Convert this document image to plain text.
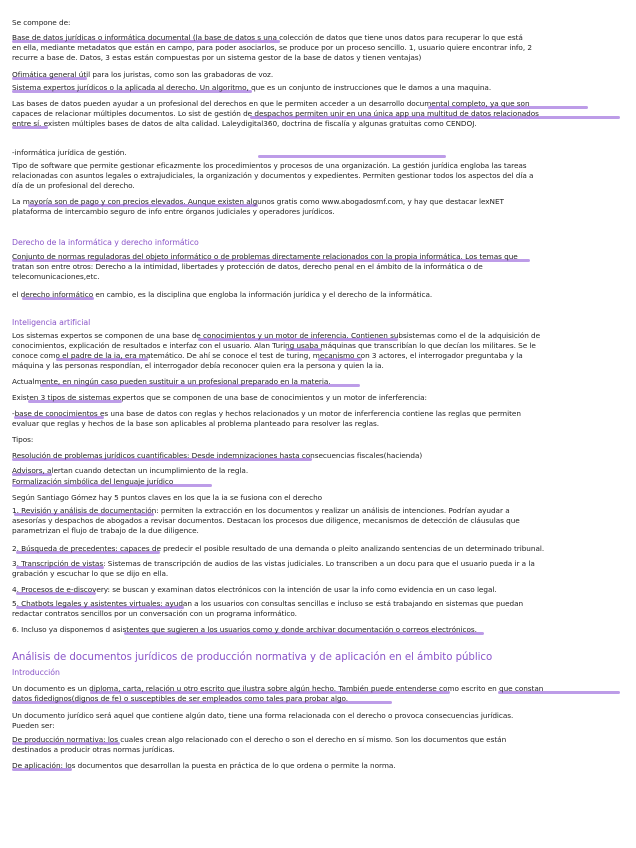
Se compone de:
Base de datos jurídicas o informática documental (la base de datos s una colección de datos que tiene unos datos para recuperar lo que está
en ella, mediante metadatos que están en campo, para poder asociarlos, se produce por un proceso sencillo. 1, usuario quiere encontrar info, 2
recurre a base de. Datos, 3 estas están compuestas por un sistema gestor de la base de datos y tienen ventajas)
Ofimática general útil para los juristas, como son las grabadoras de voz.
Sistema expertos jurídicos o la aplicada al derecho. Un algoritmo, que es un conjunto de instrucciones que le damos a una maquina.
Las bases de datos pueden ayudar a un profesional del derechos en que le permiten acceder a un desarrollo documental completo, ya que son
capaces de relacionar múltiples documentos. Lo sist de gestión de despachos permiten unir en una única app una multitud de datos relacionados
entre sí. existen múltiples bases de datos de alta calidad. Laleydigital360, doctrina de fiscalía y algunas gratuitas como CENDOJ.
-informática jurídica de gestión.
Tipo de software que permite gestionar eficazmente los procedimientos y procesos de una organización. La gestión jurídica engloba las tareas
relacionadas con asuntos legales o extrajudiciales, la organización y documentos y expedientes. Permiten gestionar todos los aspectos del día a
día de un profesional del derecho.
La mayoría son de pago y con precios elevados. Aunque existen algunos gratis como www.abogadosmf.com, y hay que destacar lexNET
plataforma de intercambio seguro de info entre órganos judiciales y operadores jurídicos.
Derecho de la informática y derecho informático
Conjunto de normas reguladoras del objeto informático o de problemas directamente relacionados con la propia informática. Los temas que
tratan son entre otros: Derecho a la intimidad, libertades y protección de datos, derecho penal en el ámbito de la informática o de
telecomunicaciones,etc.
el derecho informático en cambio, es la disciplina que engloba la información jurídica y el derecho de la informática.
Inteligencia artificial
Los sistemas expertos se componen de una base de conocimientos y un motor de inferencia. Contienen subsistemas como el de la adquisición de
conocimientos, explicación de resultados e interfaz con el usuario. Alan Turing usaba máquinas que transcribían lo que decían los militares. Se le
conoce como el padre de la ia, era matemático. De ahí se conoce el test de turing, mecanismo con 3 actores, el interrogador preguntaba y la
máquina y las personas respondían, el interrogador debía reconocer quien era la persona y quien la ia.
Actualmente, en ningún caso pueden sustituir a un profesional preparado en la materia.
Existen 3 tipos de sistemas expertos que se componen de una base de conocimientos y un motor de inferferencia:
-base de conocimientos es una base de datos con reglas y hechos relacionados y un motor de inferferencia contiene las reglas que permiten
evaluar que reglas y hechos de la base son aplicables al problema planteado para resolver las reglas.
Tipos:
Resolución de problemas jurídicos cuantificables: Desde indemnizaciones hasta consecuencias fiscales(hacienda)
Advisors, alertan cuando detectan un incumplimiento de la regla.
Formalización simbólica del lenguaje jurídico
Según Santiago Gómez hay 5 puntos claves en los que la ia se fusiona con el derecho
1. Revisión y análisis de documentación: permiten la extracción en los documentos y realizar un análisis de intenciones. Podrían ayudar a
asesorías y despachos de abogados a revisar documentos. Destacan los procesos due diligence, mecanismos de detección de cláusulas que
parametrizan el flujo de trabajo de la due diligence.
2. Búsqueda de precedentes: capaces de predecir el posible resultado de una demanda o pleito analizando sentencias de un determinado tribunal.
3. Transcripción de vistas: Sistemas de transcripción de audios de las vistas judiciales. Lo transcriben a un docu para que el usuario pueda ir a la
grabación y escuchar lo que se dijo en ella.
4. Procesos de e-discovery: se buscan y examinan datos electrónicos con la intención de usar la info como evidencia en un caso legal.
5. Chatbots legales y asistentes virtuales: ayudan a los usuarios con consultas sencillas e incluso se está trabajando en sistemas que puedan
redactar contratos sencillos por un conversación con un programa informático.
6. Incluso ya disponemos d asistentes que sugieren a los usuarios como y donde archivar documentación o correos electrónicos.
Análisis de documentos jurídicos de producción normativa y de aplicación en el ámbito público
Introducción
Un documento es un diploma, carta, relación u otro escrito que ilustra sobre algún hecho. También puede entenderse como escrito en que constan
datos fidedignos(dignos de fe) o susceptibles de ser empleados como tales para probar algo.
Un documento jurídico será aquel que contiene algún dato, tiene una forma relacionada con el derecho o provoca consecuencias jurídicas.
Pueden ser:
De producción normativa: los cuales crean algo relacionado con el derecho o son el derecho en sí mismo. Son los documentos que están
destinados a producir otras normas jurídicas.
De aplicación: los documentos que desarrollan la puesta en práctica de lo que ordena o permite la norma.
